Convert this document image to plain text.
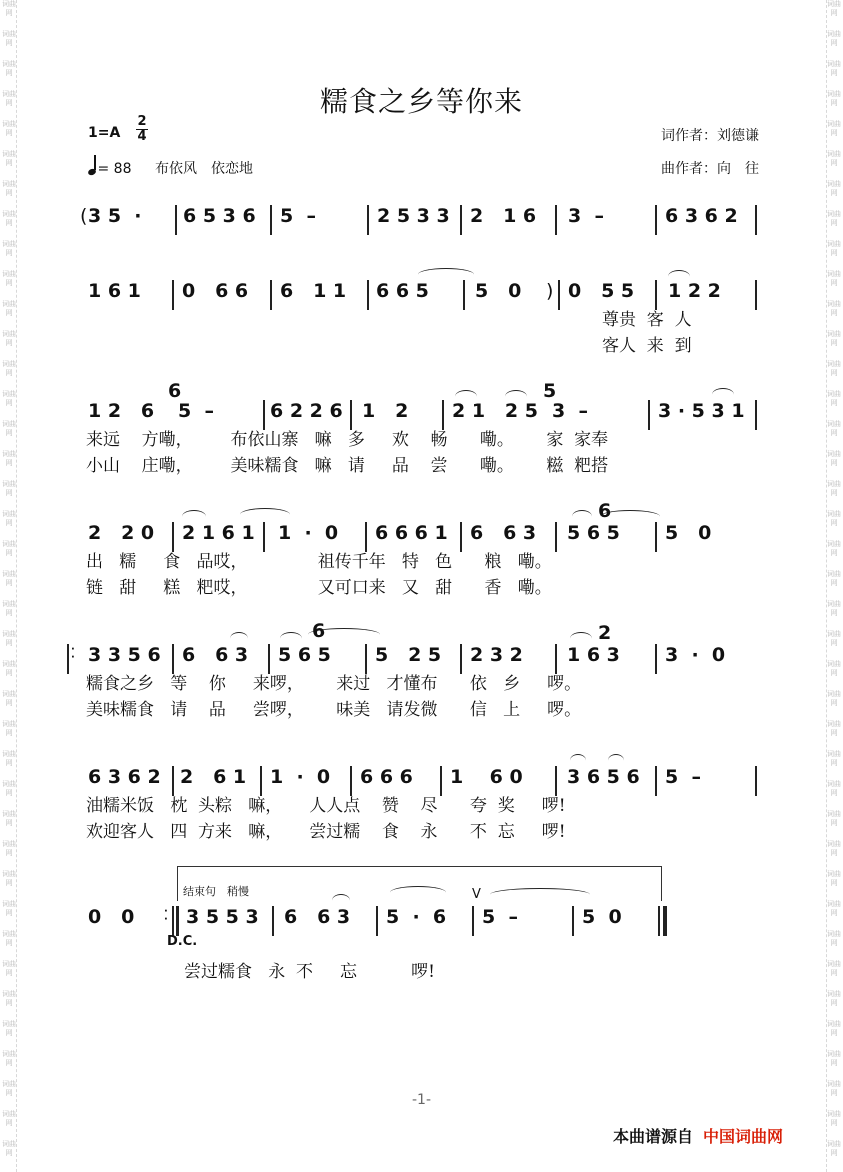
词曲网
词曲网
词曲网
词曲网
词曲网
词曲网
词曲网
词曲网
词曲网
词曲网
词曲网
词曲网
词曲网
词曲网
词曲网
词曲网
词曲网
词曲网
词曲网
词曲网
词曲网
词曲网
词曲网
词曲网
词曲网
词曲网
词曲网
词曲网
词曲网
词曲网
词曲网
词曲网
词曲网
词曲网
词曲网
词曲网
词曲网
词曲网
词曲网
词曲网
词曲网
词曲网
词曲网
词曲网
词曲网
词曲网
词曲网
词曲网
词曲网
词曲网
词曲网
词曲网
词曲网
词曲网
词曲网
词曲网
词曲网
词曲网
词曲网
词曲网
词曲网
词曲网
词曲网
词曲网
词曲网
词曲网
词曲网
词曲网
词曲网
词曲网
词曲网
词曲网
词曲网
词曲网
词曲网
词曲网
词曲网
词曲网
糯食之乡等你来
1=A
2
4
= 88 布依风　依恋地
词作者：刘德谦
曲作者：向　往
( 3 5  · 6 5 3 6 5  –	2 5 3 3 2   1 6 3  –	6 3 6 2
1 6 1 0   6 6 6   1 1 6 6 5 5   0 ) 0   5 5 1 2 2
尊贵  客  人
客人  来  到
1 2   6
6
5  –	6 2 2 6 1   2 2 1   2 5
5
3  –	3 · 5 3 1
来远    方嘞，       布依山寨   嘛   多     欢    畅      嘞。      家  家奉
小山    庄嘞，       美味糯食   嘛   请     品    尝      嘞。      糍  粑搭
2   2 0 2 1 6 1 1  ·  0 6 6 6 1 6   6 3
6
5 6 5 5   0
出   糯     食   品哎，             祖传千年   特   色      粮   嘞。
链   甜     糕   粑哎，             又可口来   又   甜      香   嘞。
·
· 3 3 5 6 6   6 3
6
5 6 5 5   2 5 2 3 2
2
1 6 3 3  ·  0
糯食之乡   等    你     来啰，      来过   才懂布      依   乡     啰。
美味糯食   请    品     尝啰，      味美   请发微      信   上     啰。
6 3 6 2 2   6 1 1  ·  0 6 6 6 1    6 0 3 6 5 6 5  –
油糯米饭   枕  头粽   嘛，     人人点    赞    尽      夸  奖     啰!
欢迎客人   四  方来   嘛，     尝过糯    食    永      不  忘     啰!
结束句　稍慢
0   0	·
· 3 5 5 3 6   6 3 5  ·  6
V
5  –	5  0
尝过糯食   永  不     忘          啰!
D.C.
-1-
本曲谱源自 中国词曲网
